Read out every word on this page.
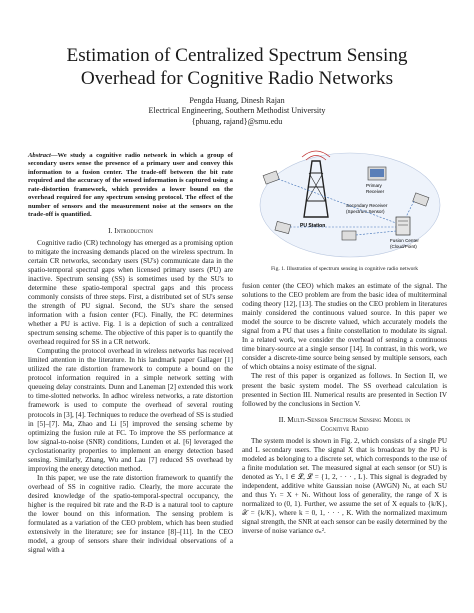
Estimation of Centralized Spectrum Sensing
Overhead for Cognitive Radio Networks
Pengda Huang, Dinesh Rajan
Electrical Engineering, Southern Methodist University
{phuang, rajand}@smu.edu

Abstract—We study a cognitive radio network in which a group of secondary users sense the presence of a primary user and convey this information to a fusion center. The trade-off between the bit rate required and the accuracy of the sensed information is captured using a rate-distortion framework, which provides a lower bound on the overhead required for any spectrum sensing protocol. The effect of the number of sensors and the measurement noise at the sensors on the trade-off is quantified.

I. Introduction

Cognitive radio (CR) technology has emerged as a promising option to mitigate the increasing demands placed on the wireless spectrum. In certain CR networks, secondary users (SU's) communicate data in the spatio-temporal spectral gaps when licensed primary users (PU) are inactive. Spectrum sensing (SS) is sometimes used by the SU's to determine these spatio-temporal spectral gaps and this process commonly consists of three steps. First, a distributed set of SU's sense the strength of PU signal. Second, the SU's share the sensed information with a fusion center (FC). Finally, the FC determines whether a PU is active. Fig. 1 is a depiction of such a centralized spectrum sensing scheme. The objective of this paper is to quantify the overhead required for SS in a CR network.

Computing the protocol overhead in wireless networks has received limited attention in the literature. In his landmark paper Gallager [1] utilized the rate distortion framework to compute a bound on the protocol information required in a simple network setting with queueing delay constraints. Dunn and Laneman [2] extended this work to time-slotted networks. In adhoc wireless networks, a rate distortion framework is used to compute the overhead of several routing protocols in [3], [4]. Techniques to reduce the overhead of SS is studied in [5]–[7]. Ma, Zhao and Li [5] improved the sensing scheme by optimizing the fusion rule at FC. To improve the SS performance at low signal-to-noise (SNR) conditions, Lunden et al. [6] leveraged the cyclostationarity properties to implement an energy detection based sensing. Similarly, Zhang, Wu and Lau [7] reduced SS overhead by improving the energy detection method.

In this paper, we use the rate distortion framework to quantify the overhead of SS in cognitive radio. Clearly, the more accurate the desired knowledge of the spatio-temporal-spectral occupancy, the higher is the required bit rate and the R-D is a natural tool to capture the lower bound on this information. The sensing problem is formulated as a variation of the CEO problem, which has been studied extensively in the literature; see for instance [8]–[11]. In the CEO model, a group of sensors share their individual observations of a signal with a

PU Station
Primary
Receiver
Secondary Receiver
(Spectrum Sensor)
Fusion Center
(Cloud/Point)
Fig. 1. Illustration of spectrum sensing in cognitive radio network

fusion center (the CEO) which makes an estimate of the signal. The solutions to the CEO problem are from the basic idea of multiterminal coding theory [12], [13]. The studies on the CEO problem in literatures mainly considered the continuous valued source. In this paper we model the source to be discrete valued, which accurately models the signal from a PU that uses a finite constellation to modulate its signal. In a related work, we consider the overhead of sensing a continuous time binary-source at a single sensor [14]. In contrast, in this work, we consider a discrete-time source being sensed by multiple sensors, each of which obtains a noisy estimate of the signal.

The rest of this paper is organized as follows. In Section II, we present the basic system model. The SS overhead calculation is presented in Section III. Numerical results are presented in Section IV followed by the conclusions in Section V.

II. Multi-Sensor Spectrum Sensing Model in
Cognitive Radio

The system model is shown in Fig. 2, which consists of a single PU and L secondary users. The signal X that is broadcast by the PU is modeled as belonging to a discrete set, which corresponds to the use of a finite modulation set. The measured signal at each sensor (or SU) is denoted as Yₗ, l ∈ 𝓛, 𝓛 = {1, 2, · · · , L}. This signal is degraded by independent, additive white Gaussian noise (AWGN) Nₗ, at each SU and thus Yₗ = X + Nₗ. Without loss of generality, the range of X is normalized to (0, 1). Further, we assume the set of X equals to {k/K}, 𝒳 = {k/K}, where k = 0, 1, · · · , K. With the normalized maximum signal strength, the SNR at each sensor can be easily determined by the inverse of noise variance σₙ².
